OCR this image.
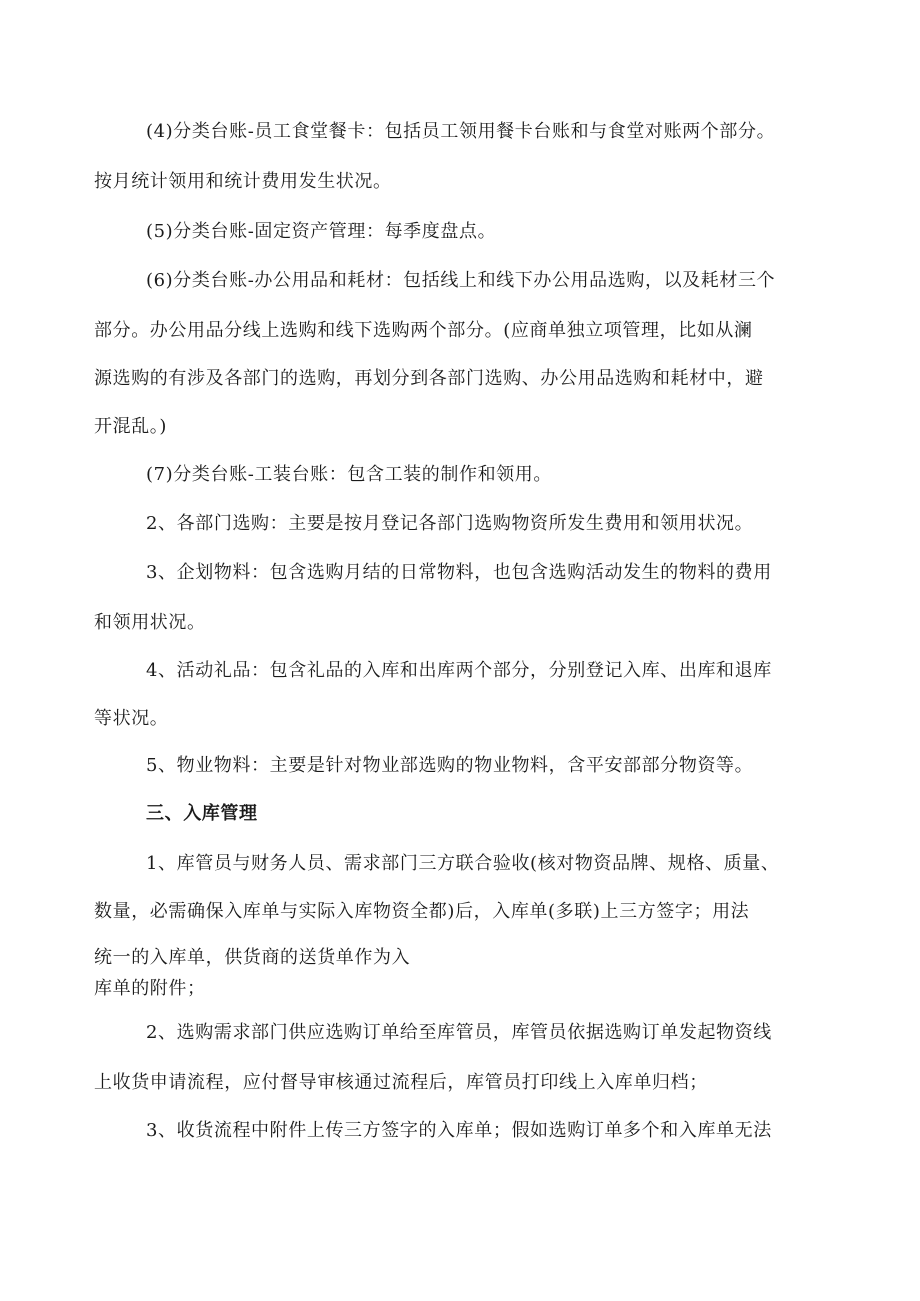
(4)分类台账-员工食堂餐卡：包括员工领用餐卡台账和与食堂对账两个部分。
按月统计领用和统计费用发生状况。
(5)分类台账-固定资产管理：每季度盘点。
(6)分类台账-办公用品和耗材：包括线上和线下办公用品选购，以及耗材三个
部分。办公用品分线上选购和线下选购两个部分。(应商单独立项管理，比如从澜
源选购的有涉及各部门的选购，再划分到各部门选购、办公用品选购和耗材中，避
开混乱。)
(7)分类台账-工装台账：包含工装的制作和领用。
2、各部门选购：主要是按月登记各部门选购物资所发生费用和领用状况。
3、企划物料：包含选购月结的日常物料，也包含选购活动发生的物料的费用
和领用状况。
4、活动礼品：包含礼品的入库和出库两个部分，分别登记入库、出库和退库
等状况。
5、物业物料：主要是针对物业部选购的物业物料，含平安部部分物资等。
三、入库管理
1、库管员与财务人员、需求部门三方联合验收(核对物资品牌、规格、质量、
数量，必需确保入库单与实际入库物资全都)后，入库单(多联)上三方签字；用法
统一的入库单，供货商的送货单作为入
库单的附件；
2、选购需求部门供应选购订单给至库管员，库管员依据选购订单发起物资线
上收货申请流程，应付督导审核通过流程后，库管员打印线上入库单归档；
3、收货流程中附件上传三方签字的入库单；假如选购订单多个和入库单无法
